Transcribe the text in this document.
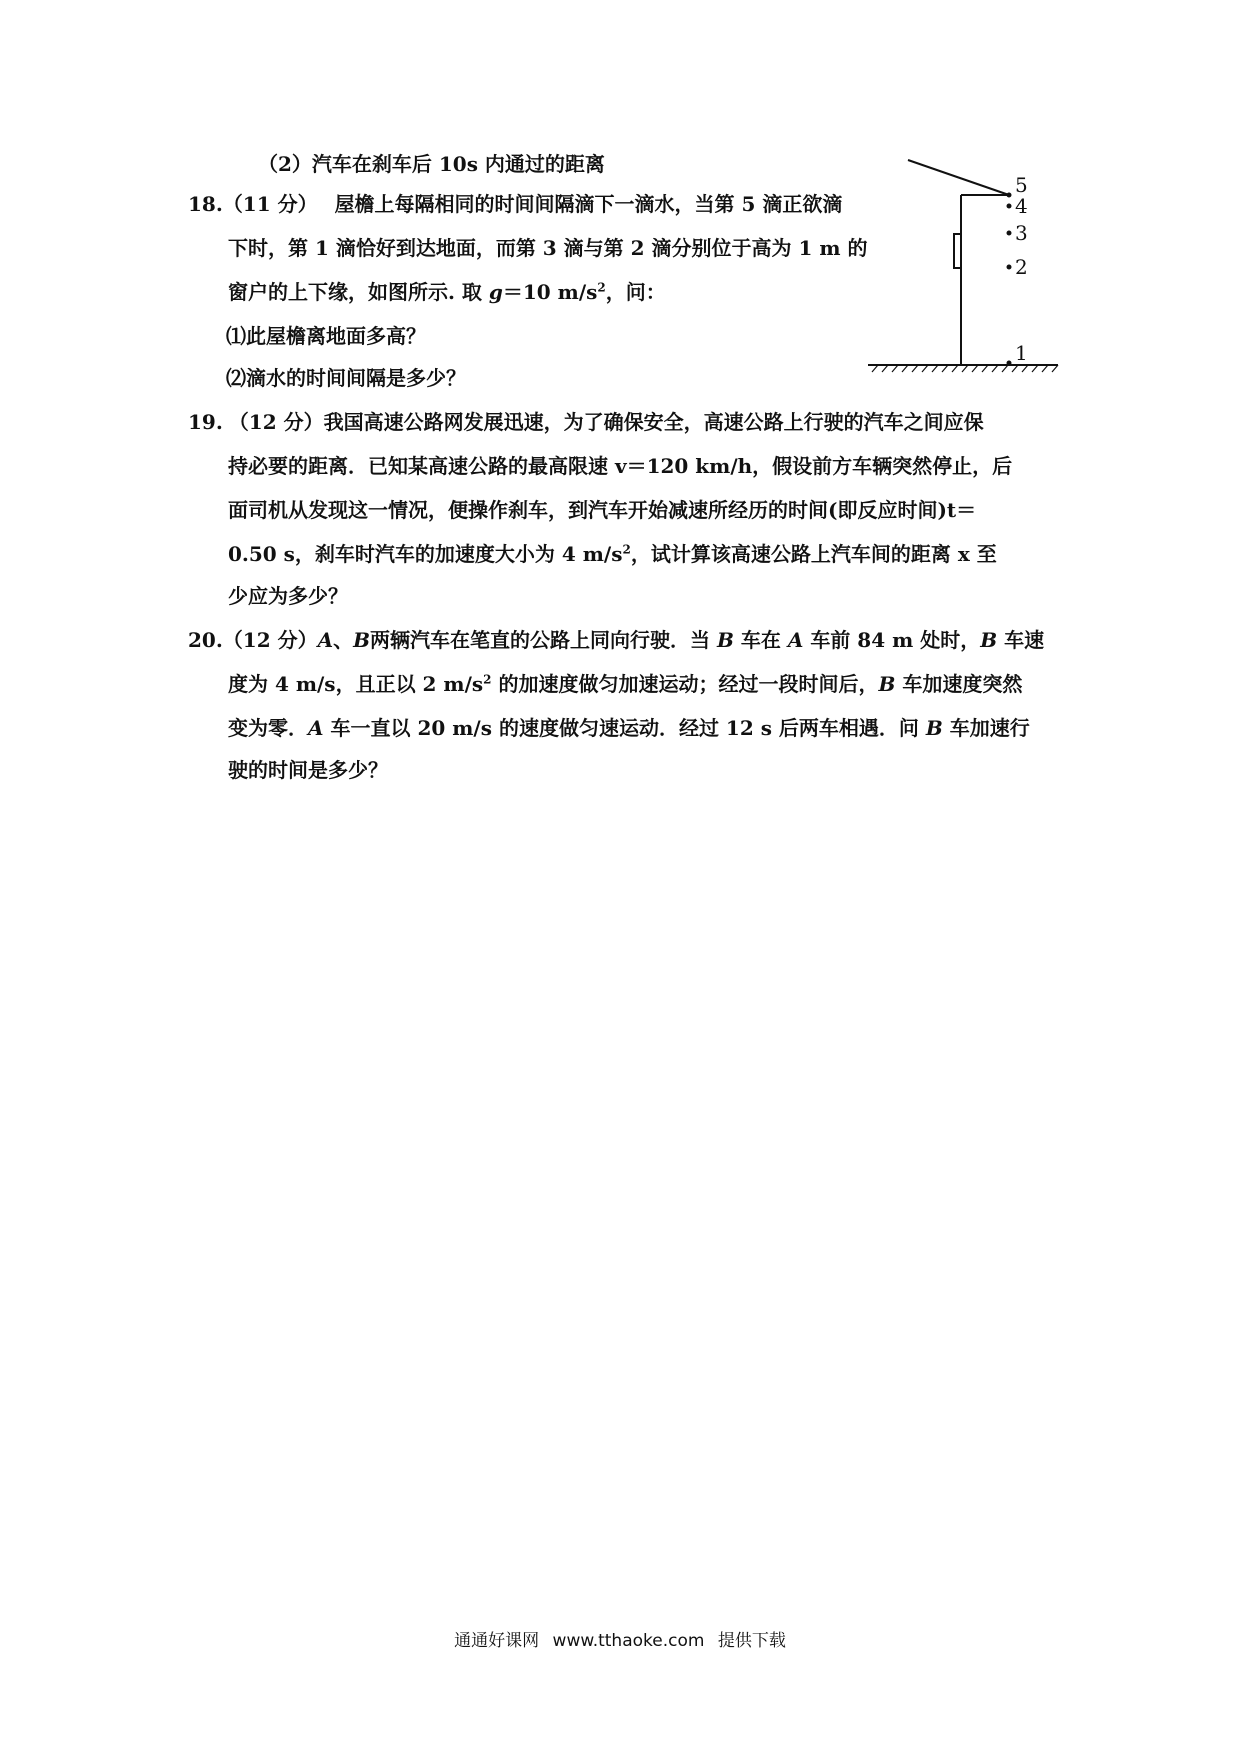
（2）汽车在刹车后 10s 内通过的距离
18.（11 分） 屋檐上每隔相同的时间间隔滴下一滴水，当第 5 滴正欲滴
下时，第 1 滴恰好到达地面，而第 3 滴与第 2 滴分别位于高为 1 m 的
窗户的上下缘，如图所示. 取 g＝10 $m/s^2$，问：
⑴此屋檐离地面多高？
⑵滴水的时间间隔是多少？
5
4
3
2
1
19. （12 分）我国高速公路网发展迅速，为了确保安全，高速公路上行驶的汽车之间应保
持必要的距离．已知某高速公路的最高限速 v＝120 km/h，假设前方车辆突然停止，后
面司机从发现这一情况，便操作刹车，到汽车开始减速所经历的时间(即反应时间)t＝
0.50 s，刹车时汽车的加速度大小为 4 $m/s^2$，试计算该高速公路上汽车间的距离 x 至
少应为多少？
20.（12 分）A、B两辆汽车在笔直的公路上同向行驶．当 B 车在 A 车前 84 m 处时，B 车速
度为 4 m/s，且正以 2 $m/s^2$ 的加速度做匀加速运动；经过一段时间后，B 车加速度突然
变为零．A 车一直以 20 m/s 的速度做匀速运动．经过 12 s 后两车相遇．问 B 车加速行
驶的时间是多少？
通通好课网 www.tthaoke.com 提供下载
